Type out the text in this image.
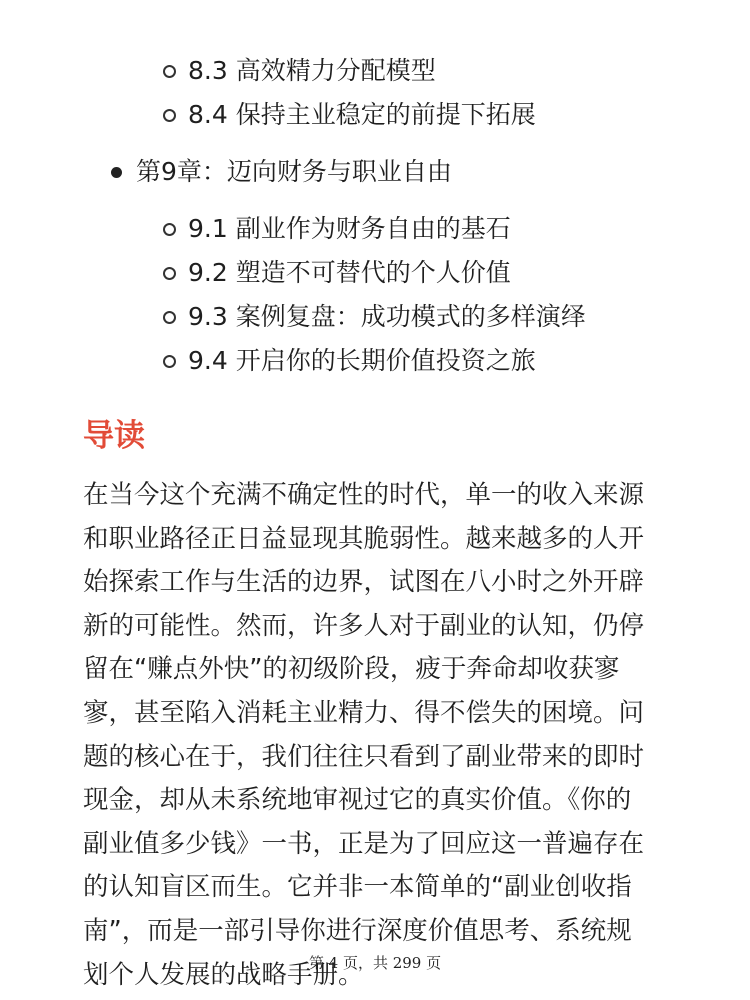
8.3 高效精力分配模型
8.4 保持主业稳定的前提下拓展
第9章：迈向财务与职业自由
9.1 副业作为财务自由的基石
9.2 塑造不可替代的个人价值
9.3 案例复盘：成功模式的多样演绎
9.4 开启你的长期价值投资之旅
导读

在当今这个充满不确定性的时代，单一的收入来源
和职业路径正日益显现其脆弱性。越来越多的人开
始探索工作与生活的边界，试图在八小时之外开辟
新的可能性。然而，许多人对于副业的认知，仍停
留在“赚点外快”的初级阶段，疲于奔命却收获寥
寥，甚至陷入消耗主业精力、得不偿失的困境。问
题的核心在于，我们往往只看到了副业带来的即时
现金，却从未系统地审视过它的真实价值。《你的
副业值多少钱》一书，正是为了回应这一普遍存在
的认知盲区而生。它并非一本简单的“副业创收指
南”，而是一部引导你进行深度价值思考、系统规
划个人发展的战略手册。

第 4 页，共 299 页
